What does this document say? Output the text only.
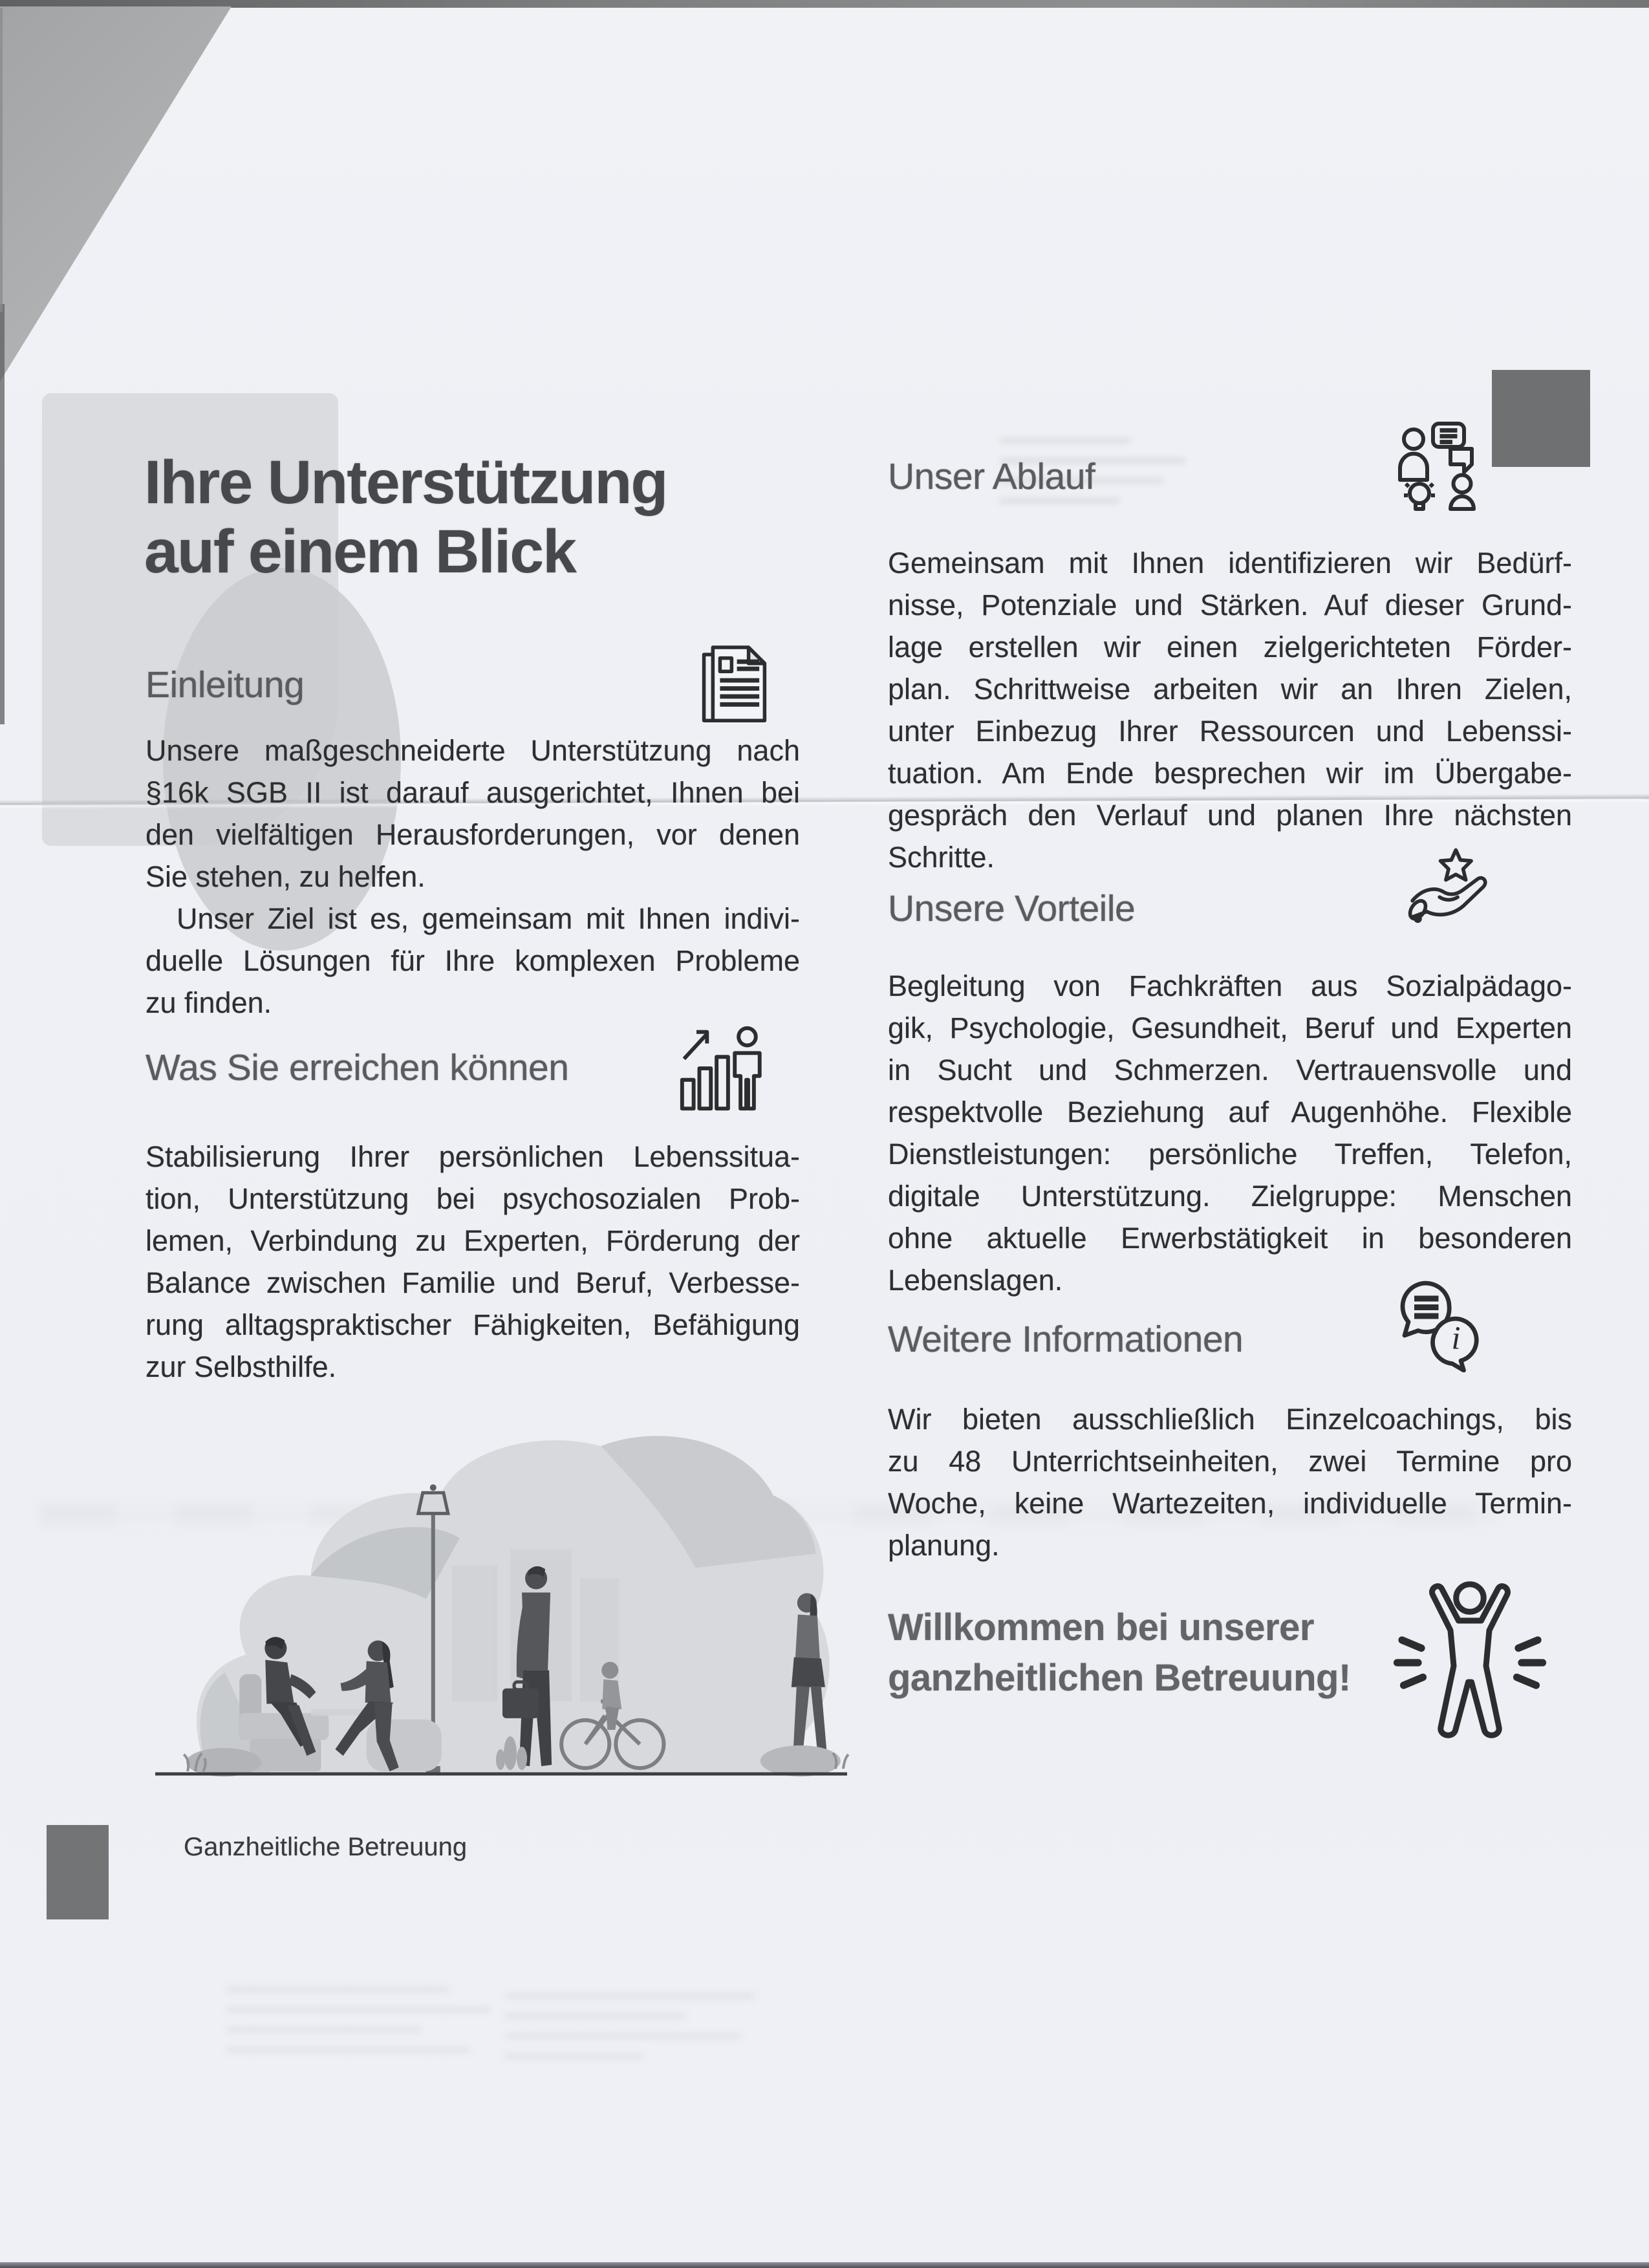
Ihre Unterstützung
auf einem Blick
Einleitung
Unsere maßgeschneiderte Unterstützung nach
§16k SGB II ist darauf ausgerichtet, Ihnen bei
den vielfältigen Herausforderungen, vor denen
Sie stehen, zu helfen.
Unser Ziel ist es, gemeinsam mit Ihnen indivi-
duelle Lösungen für Ihre komplexen Probleme
zu finden.
Was Sie erreichen können
Stabilisierung Ihrer persönlichen Lebenssitua-
tion, Unterstützung bei psychosozialen Prob-
lemen, Verbindung zu Experten, Förderung der
Balance zwischen Familie und Beruf, Verbesse-
rung alltagspraktischer Fähigkeiten, Befähigung
zur Selbsthilfe.
Ganzheitliche Betreuung
Unser Ablauf
Gemeinsam mit Ihnen identifizieren wir Bedürf-
nisse, Potenziale und Stärken. Auf dieser Grund-
lage erstellen wir einen zielgerichteten Förder-
plan. Schrittweise arbeiten wir an Ihren Zielen,
unter Einbezug Ihrer Ressourcen und Lebenssi-
tuation. Am Ende besprechen wir im Übergabe-
gespräch den Verlauf und planen Ihre nächsten
Schritte.
Unsere Vorteile
Begleitung von Fachkräften aus Sozialpädago-
gik, Psychologie, Gesundheit, Beruf und Experten
in Sucht und Schmerzen. Vertrauensvolle und
respektvolle Beziehung auf Augenhöhe. Flexible
Dienstleistungen: persönliche Treffen, Telefon,
digitale Unterstützung. Zielgruppe: Menschen
ohne aktuelle Erwerbstätigkeit in besonderen
Lebenslagen.
Weitere Informationen	i
Wir bieten ausschließlich Einzelcoachings, bis
zu 48 Unterrichtseinheiten, zwei Termine pro
Woche, keine Wartezeiten, individuelle Termin-
planung.
Willkommen bei unserer
ganzheitlichen Betreuung!
